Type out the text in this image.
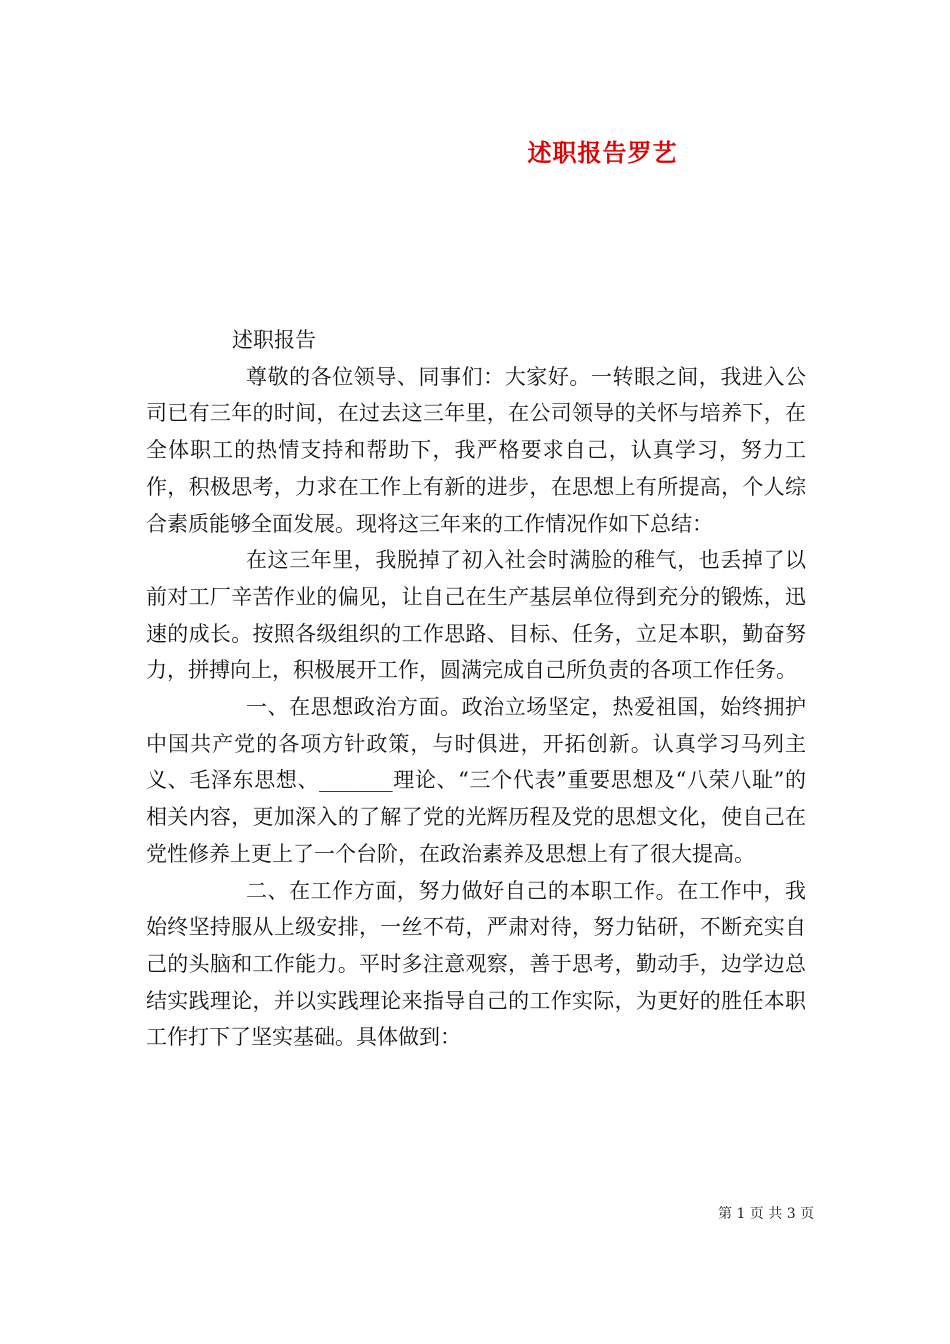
述职报告罗艺

述职报告

尊敬的各位领导、同事们：大家好。一转眼之间，我进入公司已有三年的时间，在过去这三年里，在公司领导的关怀与培养下，在全体职工的热情支持和帮助下，我严格要求自己，认真学习，努力工作，积极思考，力求在工作上有新的进步，在思想上有所提高，个人综合素质能够全面发展。现将这三年来的工作情况作如下总结：

在这三年里，我脱掉了初入社会时满脸的稚气，也丢掉了以前对工厂辛苦作业的偏见，让自己在生产基层单位得到充分的锻炼，迅速的成长。按照各级组织的工作思路、目标、任务，立足本职，勤奋努力，拼搏向上，积极展开工作，圆满完成自己所负责的各项工作任务。

一、在思想政治方面。政治立场坚定，热爱祖国，始终拥护中国共产党的各项方针政策，与时俱进，开拓创新。认真学习马列主义、毛泽东思想、_______理论、“三个代表”重要思想及“八荣八耻”的相关内容，更加深入的了解了党的光辉历程及党的思想文化，使自己在党性修养上更上了一个台阶，在政治素养及思想上有了很大提高。

二、在工作方面，努力做好自己的本职工作。在工作中，我始终坚持服从上级安排，一丝不苟，严肃对待，努力钻研，不断充实自己的头脑和工作能力。平时多注意观察，善于思考，勤动手，边学边总结实践理论，并以实践理论来指导自己的工作实际，为更好的胜任本职工作打下了坚实基础。具体做到：

第 1 页 共 3 页
